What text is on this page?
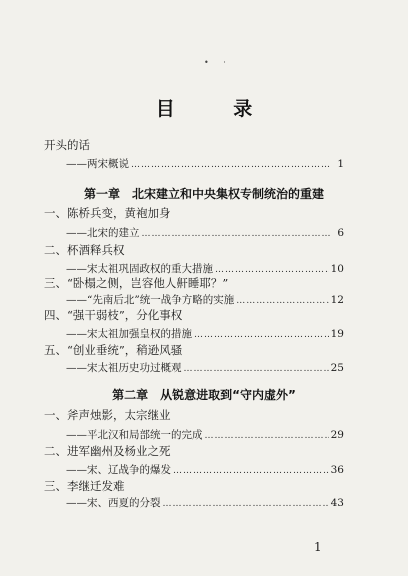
• ·
目 录
开头的话
——两宋概说 ……………………………………………………………………………………………………………………………………	1
第一章 北宋建立和中央集权专制统治的重建
一、陈桥兵变，黄袍加身
——北宋的建立 ……………………………………………………………………………………………………………………………………	6
二、杯酒释兵权
——宋太祖巩固政权的重大措施 ……………………………………………………………………………………………………………………………………	10
三、“卧榻之侧，岂容他人鼾睡耶？”
——“先南后北”统一战争方略的实施 ……………………………………………………………………………………………………………………………………	12
四、“强干弱枝”，分化事权
——宋太祖加强皇权的措施 ……………………………………………………………………………………………………………………………………	19
五、“创业垂统”，稍逊风骚
——宋太祖历史功过概观 ……………………………………………………………………………………………………………………………………	25
第二章 从锐意进取到“守内虚外”
一、斧声烛影，太宗继业
——平北汉和局部统一的完成 ……………………………………………………………………………………………………………………………………	29
二、进军幽州及杨业之死
——宋、辽战争的爆发 ……………………………………………………………………………………………………………………………………	36
三、李继迁发难
——宋、西夏的分裂 ……………………………………………………………………………………………………………………………………	43
1
